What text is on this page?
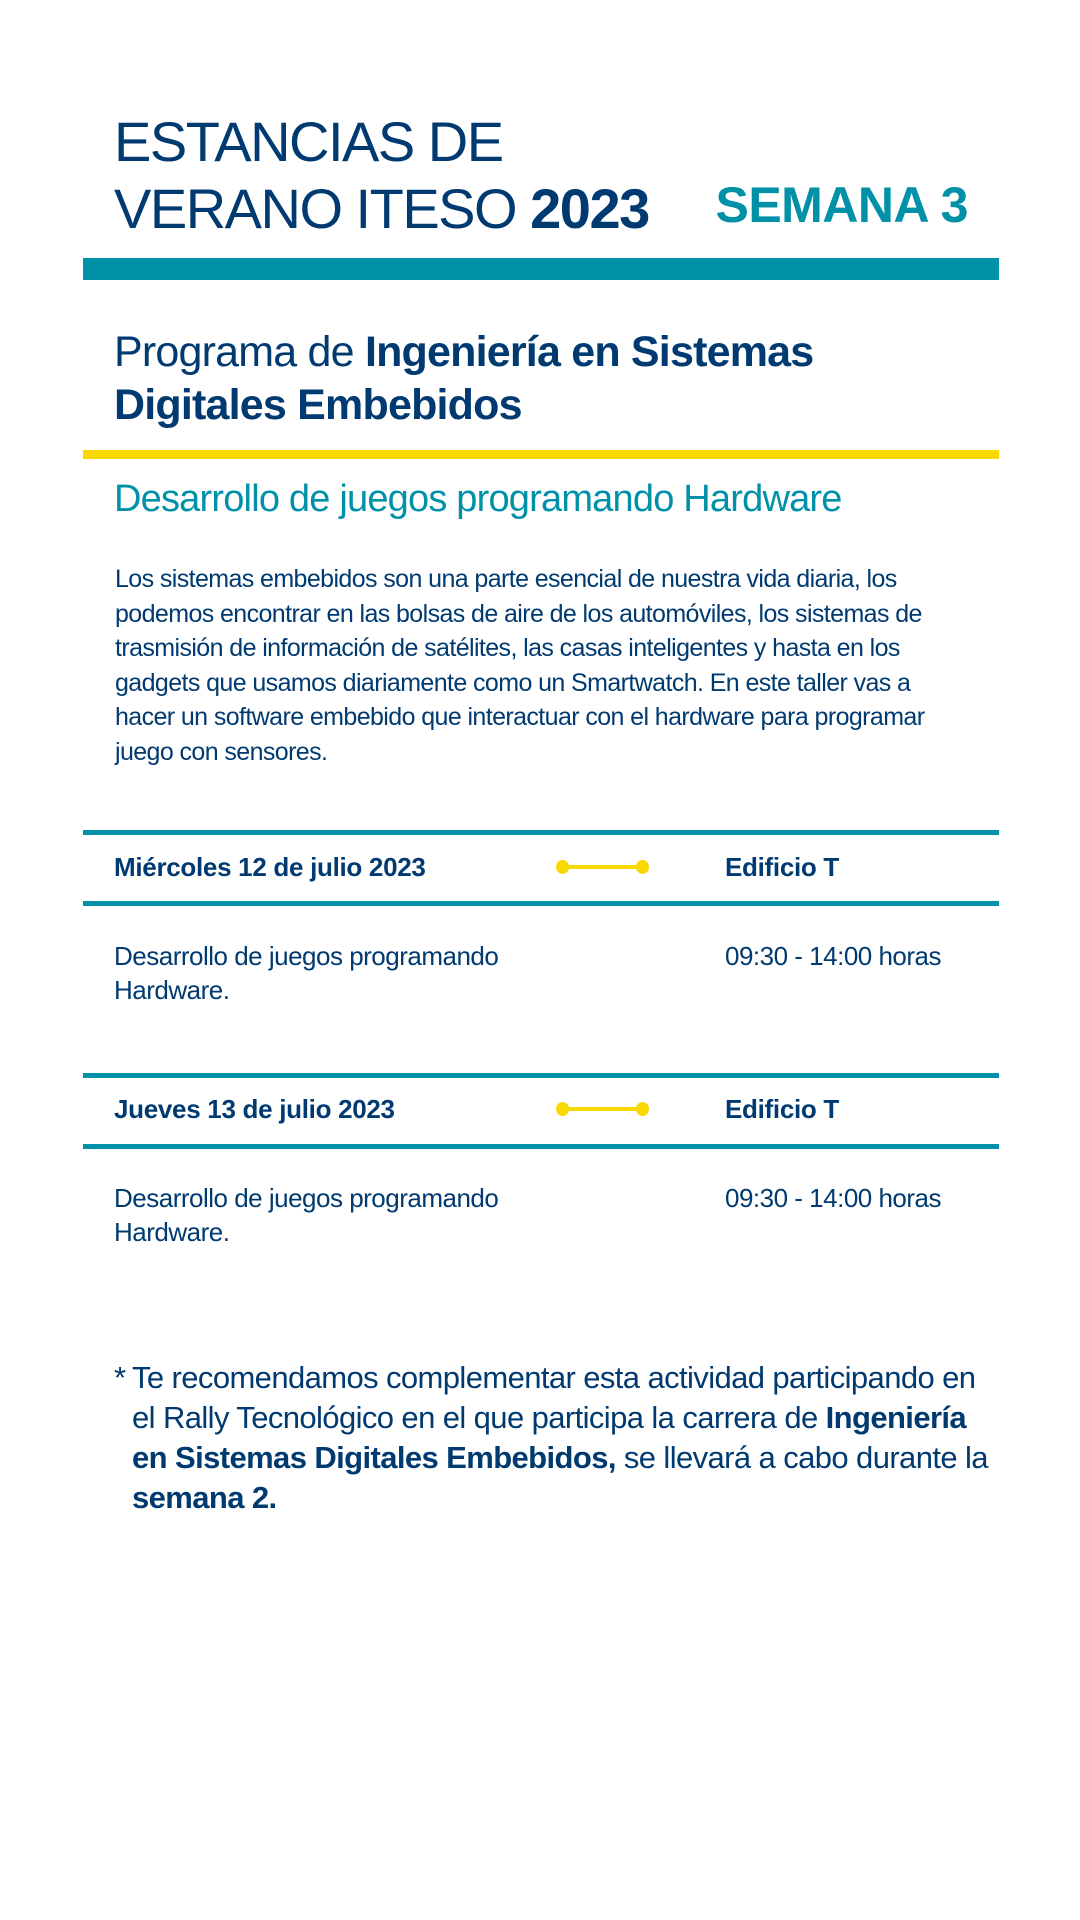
ESTANCIAS DE
VERANO ITESO 2023 SEMANA 3
Programa de Ingeniería en Sistemas Digitales Embebidos
Desarrollo de juegos programando Hardware
Los sistemas embebidos son una parte esencial de nuestra vida diaria, los podemos encontrar en las bolsas de aire de los automóviles, los sistemas de trasmisión de información de satélites, las casas inteligentes y hasta en los gadgets que usamos diariamente como un Smartwatch. En este taller vas a hacer un software embebido que interactuar con el hardware para programar juego con sensores.
Miércoles 12 de julio 2023	Edificio T
Desarrollo de juegos programando Hardware.
09:30 - 14:00 horas
Jueves 13 de julio 2023	Edificio T
Desarrollo de juegos programando Hardware.
09:30 - 14:00 horas
* Te recomendamos complementar esta actividad participando en el Rally Tecnológico en el que participa la carrera de Ingeniería en Sistemas Digitales Embebidos, se llevará a cabo durante la semana 2.
